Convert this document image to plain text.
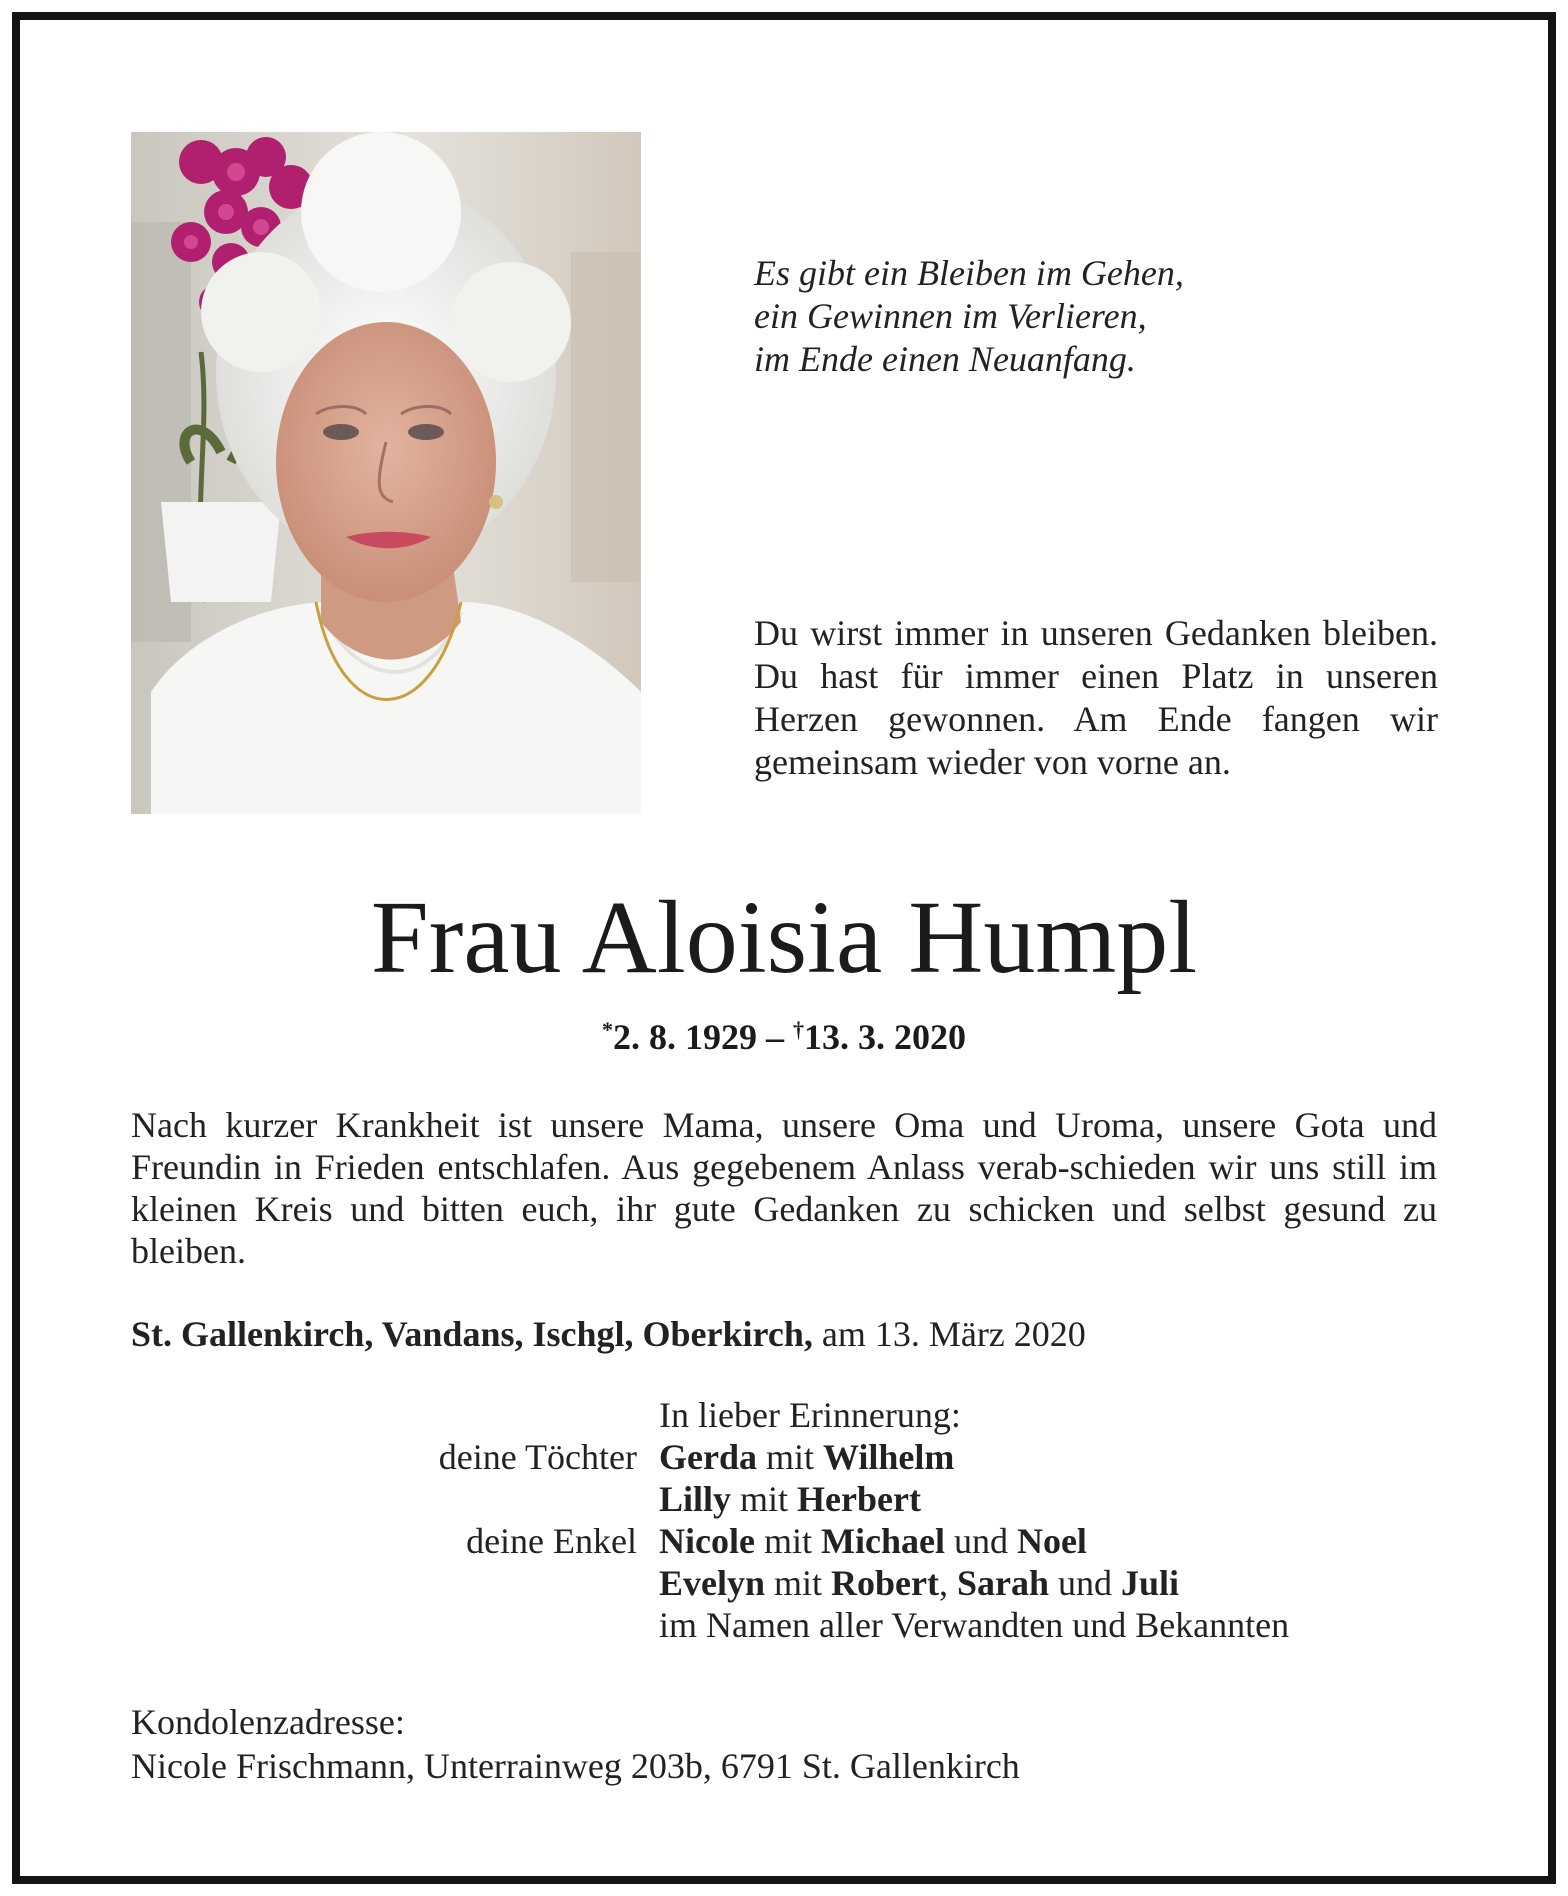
Es gibt ein Bleiben im Gehen,
ein Gewinnen im Verlieren,
im Ende einen Neuanfang.
Du wirst immer in unseren Gedanken bleiben. Du hast für immer einen Platz in unseren Herzen gewonnen. Am Ende fangen wir gemeinsam wieder von vorne an.
Frau Aloisia Humpl
*2. 8. 1929 – †13. 3. 2020
Nach kurzer Krankheit ist unsere Mama, unsere Oma und Uroma, unsere Gota und Freundin in Frieden entschlafen. Aus gegebenem Anlass verab-schieden wir uns still im kleinen Kreis und bitten euch, ihr gute Gedanken zu schicken und selbst gesund zu bleiben.
St. Gallenkirch, Vandans, Ischgl, Oberkirch, am 13. März 2020
In lieber Erinnerung:
deine Töchter Gerda mit Wilhelm
Lilly mit Herbert
deine Enkel Nicole mit Michael und Noel
Evelyn mit Robert, Sarah und Juli
im Namen aller Verwandten und Bekannten
Kondolenzadresse:
Nicole Frischmann, Unterrainweg 203b, 6791 St. Gallenkirch
